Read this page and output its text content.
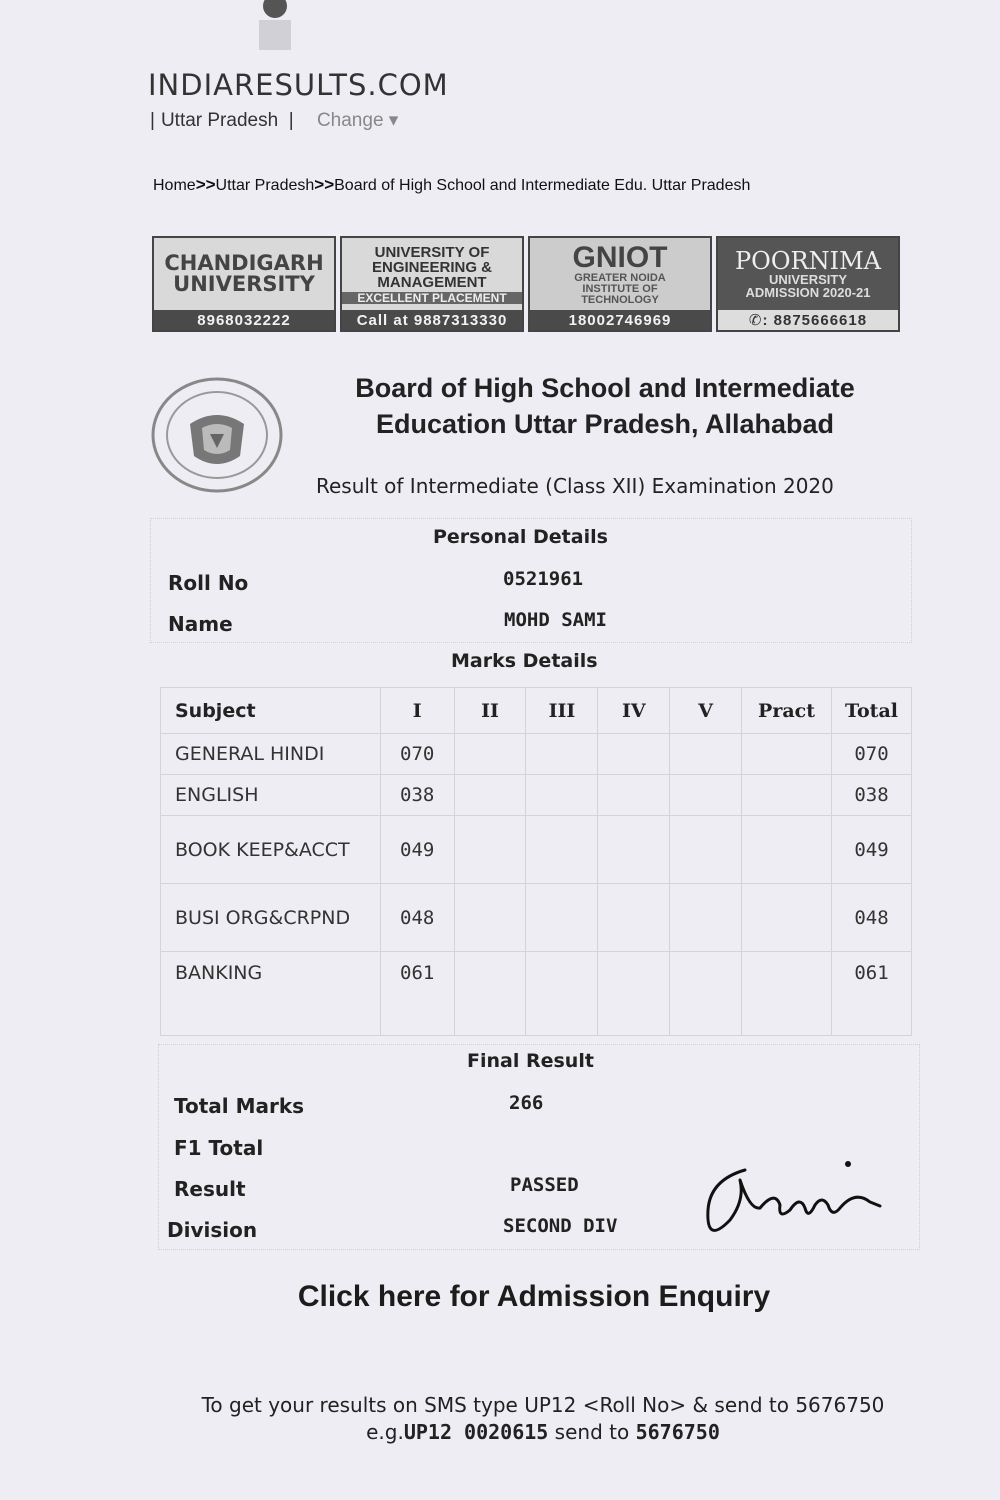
INDIARESULTS.COM
| Uttar Pradesh  | Change ▾
Home>>Uttar Pradesh>>Board of High School and Intermediate Edu. Uttar Pradesh
CHANDIGARH
UNIVERSITY
8968032222
UNIVERSITY OF
ENGINEERING &
MANAGEMENT
EXCELLENT PLACEMENT
Call at 9887313330
GNIOT
GREATER NOIDA
INSTITUTE OF
TECHNOLOGY
18002746969
POORNIMA
UNIVERSITY
ADMISSION 2020-21
✆: 8875666618
Board of High School and Intermediate
Education Uttar Pradesh, Allahabad
Result of Intermediate (Class XII) Examination 2020
Personal Details
Roll No	0521961
Name	MOHD SAMI
Marks Details
Subject	I	II	III	IV	V	Pract	Total
GENERAL HINDI	070						070
ENGLISH	038						038
BOOK KEEP&ACCT	049						049
BUSI ORG&CRPND	048						048
BANKING	061						061
Final Result
Total Marks	266
F1 Total
Result	PASSED
Division	SECOND DIV
Click here for Admission Enquiry
To get your results on SMS type UP12 <Roll No> & send to 5676750
e.g.UP12 0020615 send to 5676750
